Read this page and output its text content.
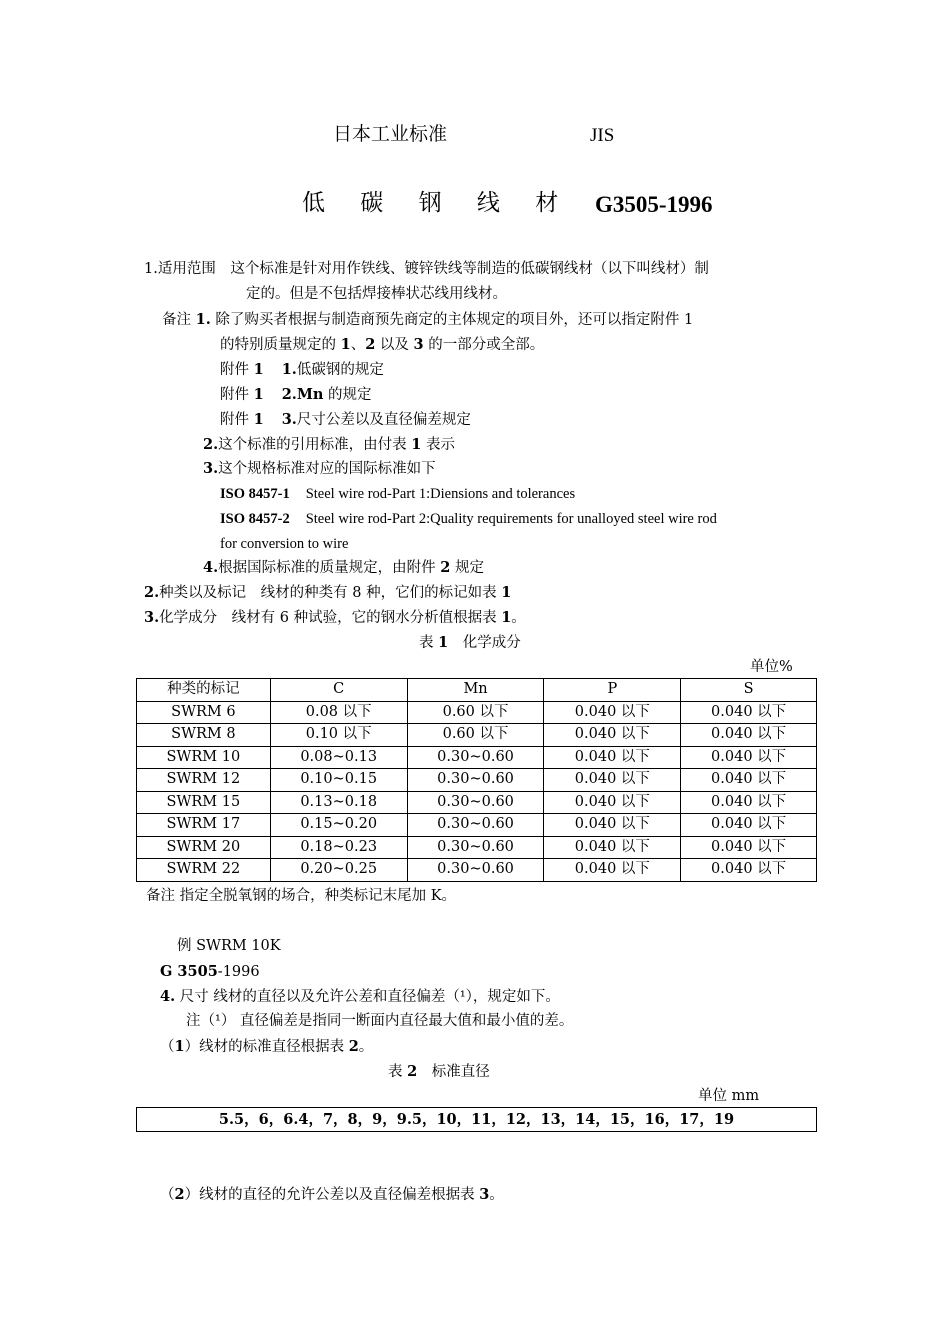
日本工业标准	JIS
低 碳 钢 线 材 G3505-1996
1.适用范围　这个标准是针对用作铁线、镀锌铁线等制造的低碳钢线材（以下叫线材）制
定的。但是不包括焊接棒状芯线用线材。
备注 1. 除了购买者根据与制造商预先商定的主体规定的项目外，还可以指定附件 1
的特别质量规定的 1、2 以及 3 的一部分或全部。
附件 1 1.低碳钢的规定
附件 1 2.Mn 的规定
附件 1 3.尺寸公差以及直径偏差规定
2.这个标准的引用标准，由付表 1 表示
3.这个规格标准对应的国际标准如下
ISO 8457-1 Steel wire rod-Part 1:Diensions and tolerances
ISO 8457-2 Steel wire rod-Part 2:Quality requirements for unalloyed steel wire rod
for conversion to wire
4.根据国际标准的质量规定，由附件 2 规定
2.种类以及标记　线材的种类有 8 种，它们的标记如表 1
3.化学成分　线材有 6 种试验，它的钢水分析值根据表 1。
表 1　化学成分
单位%
种类的标记	C	Mn	P	S
SWRM 6	0.08 以下	0.60 以下	0.040 以下	0.040 以下
SWRM 8	0.10 以下	0.60 以下	0.040 以下	0.040 以下
SWRM 10	0.08~0.13	0.30~0.60	0.040 以下	0.040 以下
SWRM 12	0.10~0.15	0.30~0.60	0.040 以下	0.040 以下
SWRM 15	0.13~0.18	0.30~0.60	0.040 以下	0.040 以下
SWRM 17	0.15~0.20	0.30~0.60	0.040 以下	0.040 以下
SWRM 20	0.18~0.23	0.30~0.60	0.040 以下	0.040 以下
SWRM 22	0.20~0.25	0.30~0.60	0.040 以下	0.040 以下
备注 指定全脱氧钢的场合，种类标记末尾加 K。
例 SWRM 10K
G 3505-1996
4. 尺寸 线材的直径以及允许公差和直径偏差（¹），规定如下。
注（¹） 直径偏差是指同一断面内直径最大值和最小值的差。
（1）线材的标准直径根据表 2。
表 2　标准直径
单位 mm
5.5，6，6.4，7，8，9，9.5，10，11，12，13，14，15，16，17，19
（2）线材的直径的允许公差以及直径偏差根据表 3。
